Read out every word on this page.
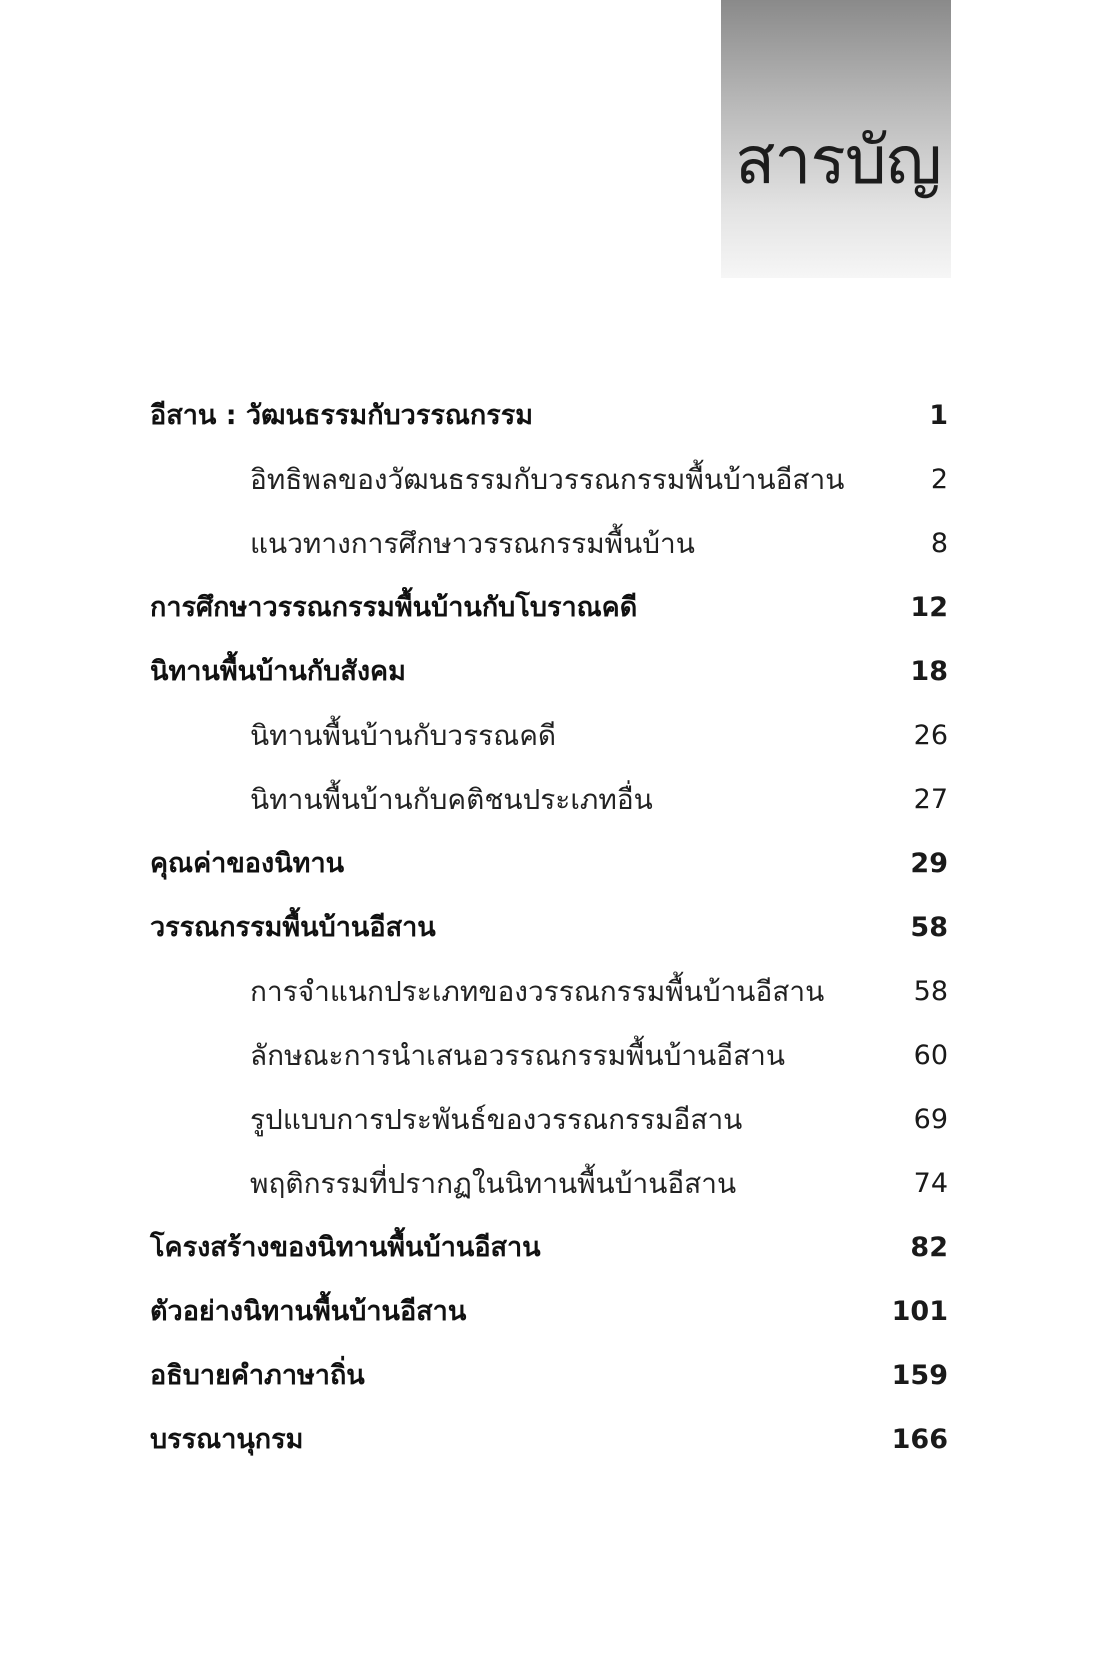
สารบัญ
อีสาน : วัฒนธรรมกับวรรณกรรม	1
อิทธิพลของวัฒนธรรมกับวรรณกรรมพื้นบ้านอีสาน	2
แนวทางการศึกษาวรรณกรรมพื้นบ้าน	8
การศึกษาวรรณกรรมพื้นบ้านกับโบราณคดี	12
นิทานพื้นบ้านกับสังคม	18
นิทานพื้นบ้านกับวรรณคดี	26
นิทานพื้นบ้านกับคติชนประเภทอื่น	27
คุณค่าของนิทาน	29
วรรณกรรมพื้นบ้านอีสาน	58
การจำแนกประเภทของวรรณกรรมพื้นบ้านอีสาน	58
ลักษณะการนำเสนอวรรณกรรมพื้นบ้านอีสาน	60
รูปแบบการประพันธ์ของวรรณกรรมอีสาน	69
พฤติกรรมที่ปรากฏในนิทานพื้นบ้านอีสาน	74
โครงสร้างของนิทานพื้นบ้านอีสาน	82
ตัวอย่างนิทานพื้นบ้านอีสาน	101
อธิบายคำภาษาถิ่น	159
บรรณานุกรม	166
